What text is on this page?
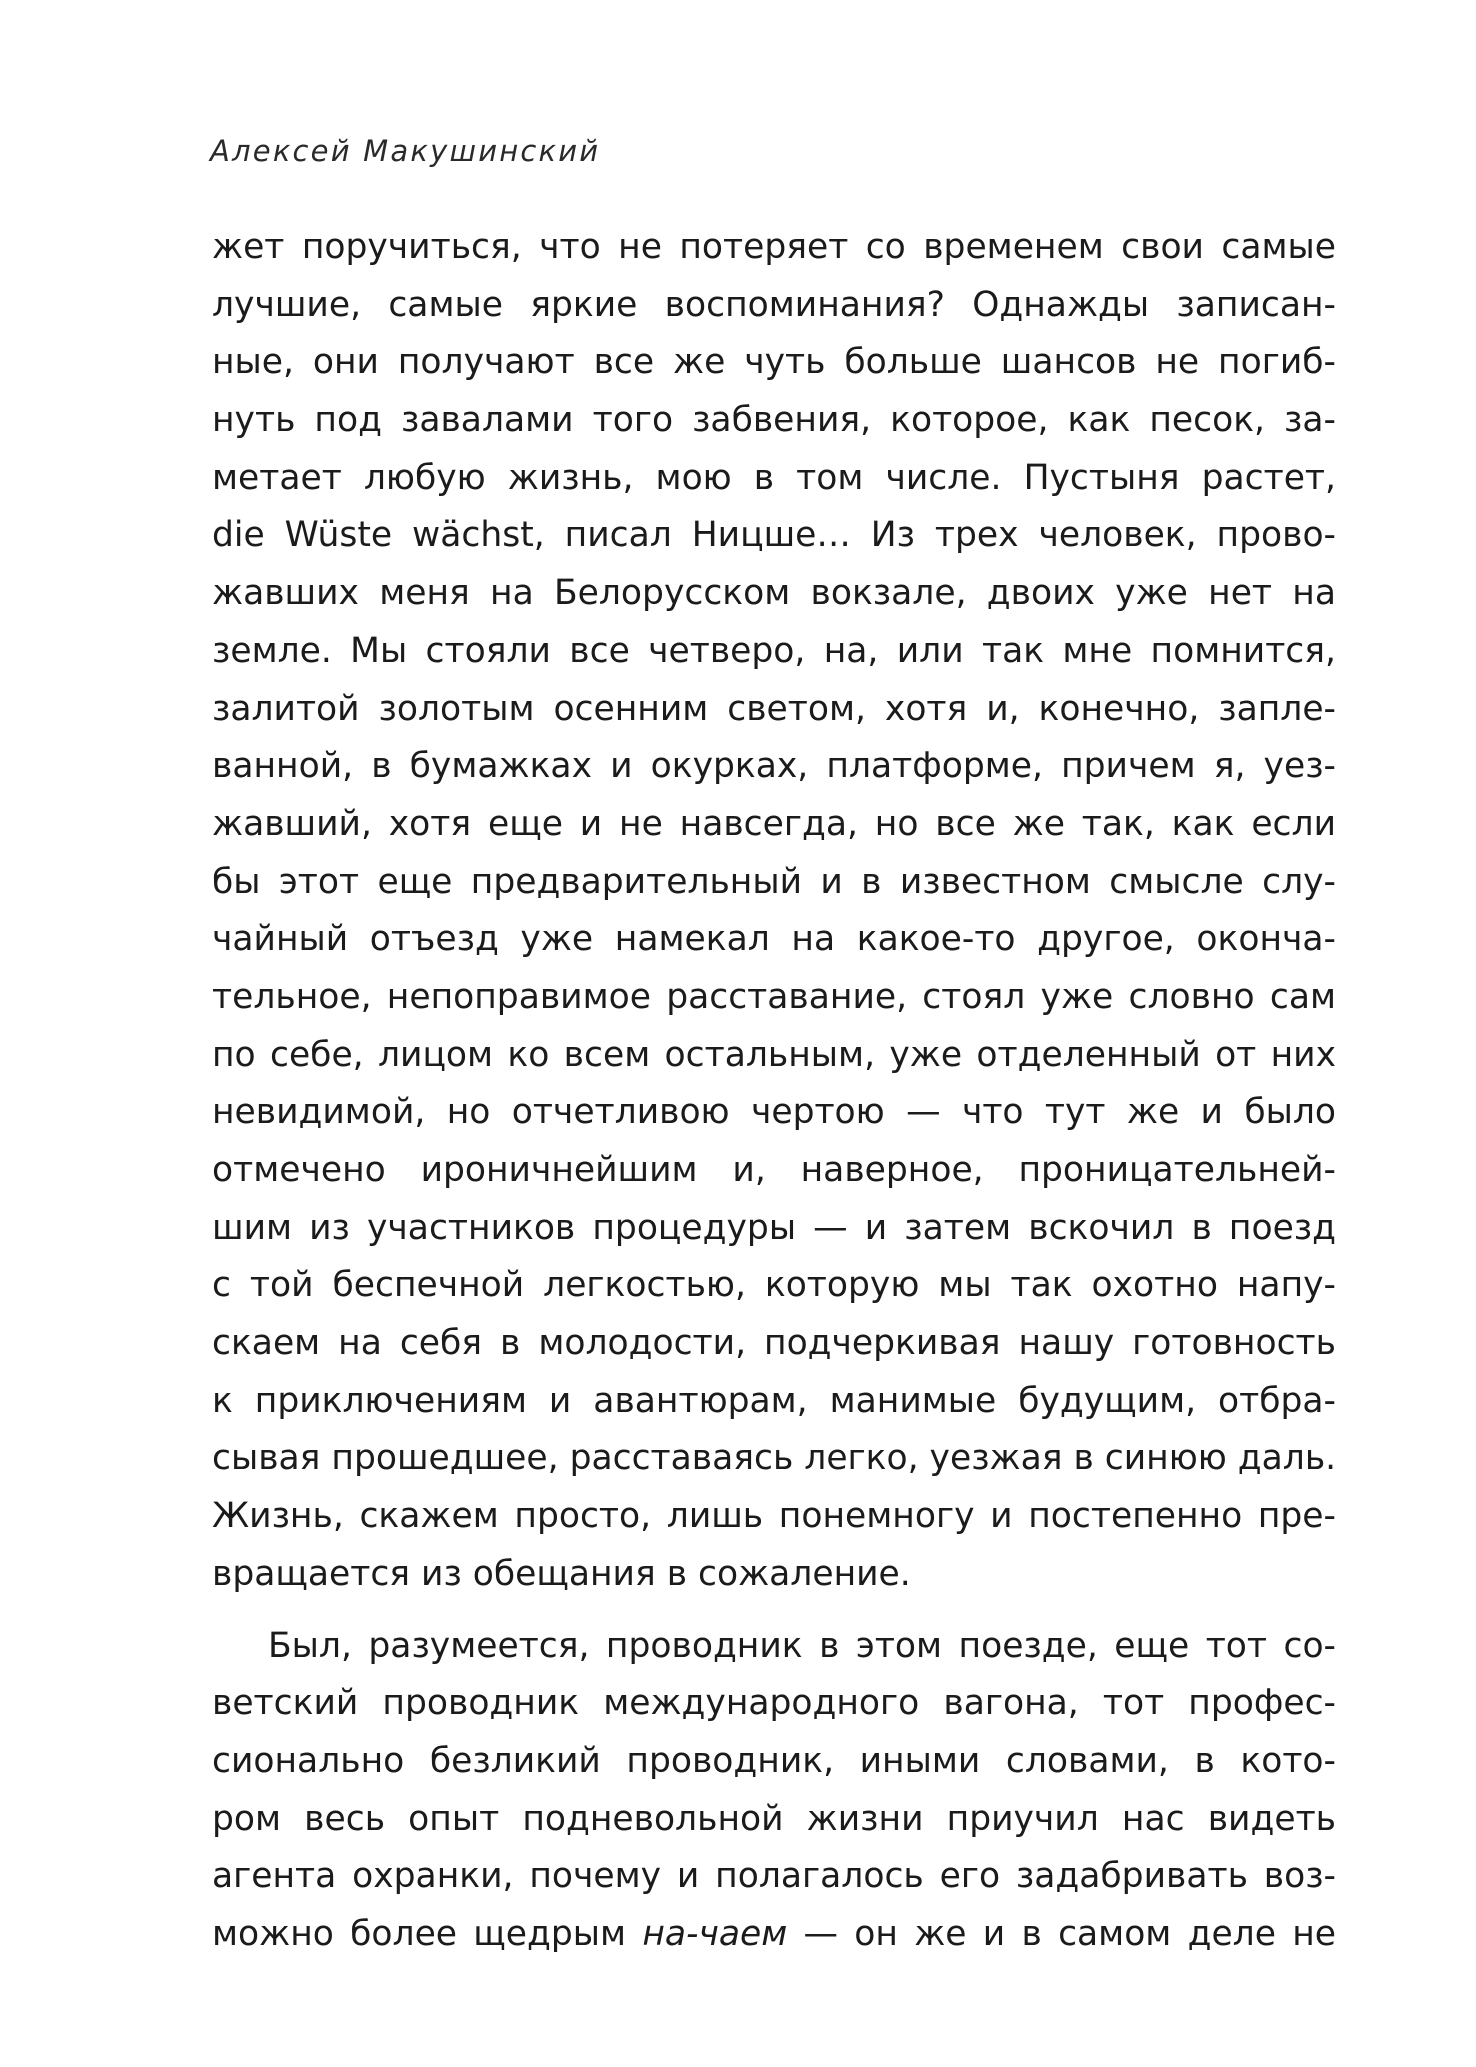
Алексей Макушинский
жет поручиться, что не потеряет со временем свои самые
лучшие, самые яркие воспоминания? Однажды записан-
ные, они получают все же чуть больше шансов не погиб-
нуть под завалами того забвения, которое, как песок, за-
метает любую жизнь, мою в том числе. Пустыня растет,
die Wüste wächst, писал Ницше… Из трех человек, прово-
жавших меня на Белорусском вокзале, двоих уже нет на
земле. Мы стояли все четверо, на, или так мне помнится,
залитой золотым осенним светом, хотя и, конечно, запле-
ванной, в бумажках и окурках, платформе, причем я, уез-
жавший, хотя еще и не навсегда, но все же так, как если
бы этот еще предварительный и в известном смысле слу-
чайный отъезд уже намекал на какое-то другое, оконча-
тельное, непоправимое расставание, стоял уже словно сам
по себе, лицом ко всем остальным, уже отделенный от них
невидимой, но отчетливою чертою — что тут же и было
отмечено ироничнейшим и, наверное, проницательней-
шим из участников процедуры — и затем вскочил в поезд
с той беспечной легкостью, которую мы так охотно напу-
скаем на себя в молодости, подчеркивая нашу готовность
к приключениям и авантюрам, манимые будущим, отбра-
сывая прошедшее, расставаясь легко, уезжая в синюю даль.
Жизнь, скажем просто, лишь понемногу и постепенно пре-
вращается из обещания в сожаление.
Был, разумеется, проводник в этом поезде, еще тот со-
ветский проводник международного вагона, тот профес-
сионально безликий проводник, иными словами, в кото-
ром весь опыт подневольной жизни приучил нас видеть
агента охранки, почему и полагалось его задабривать воз-
можно более щедрым на-чаем — он же и в самом деле не
